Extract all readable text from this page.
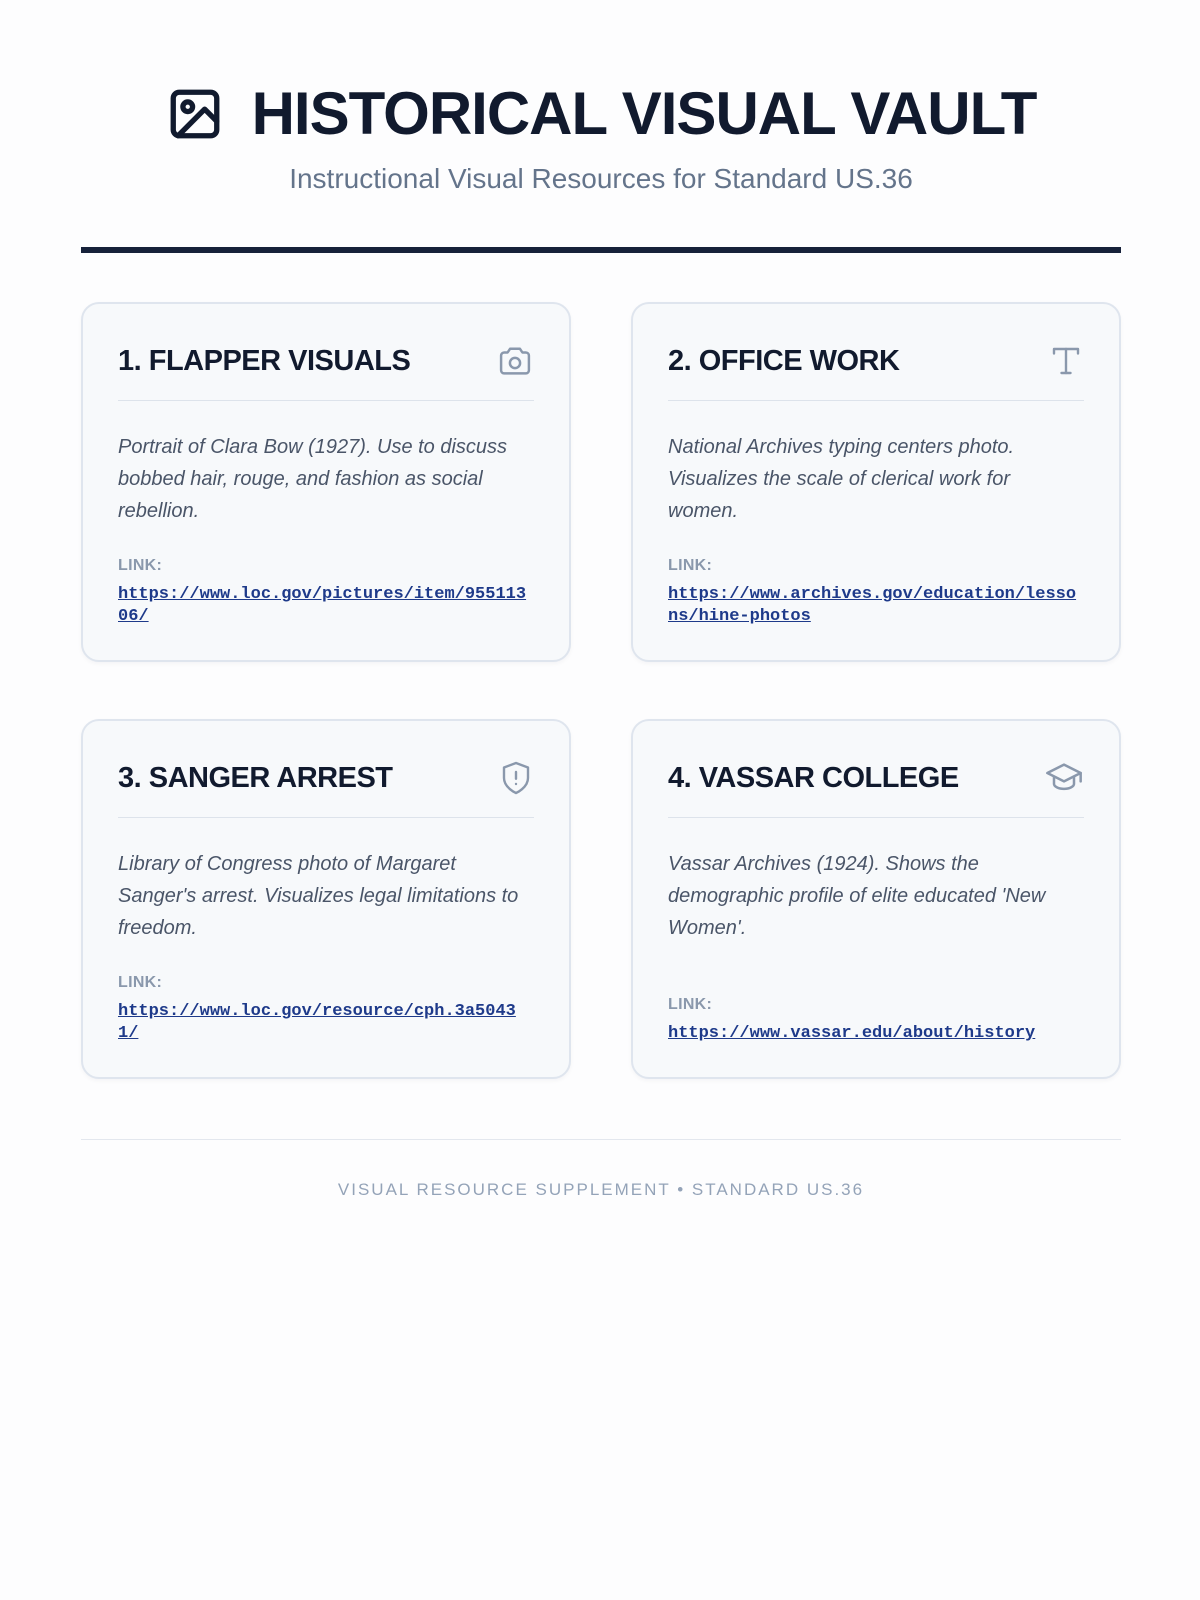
HISTORICAL VISUAL VAULT
Instructional Visual Resources for Standard US.36
1. FLAPPER VISUALS
Portrait of Clara Bow (1927). Use to discuss bobbed hair, rouge, and fashion as social rebellion.
LINK:
https://www.loc.gov/pictures/item/95511306/
2. OFFICE WORK
National Archives typing centers photo. Visualizes the scale of clerical work for women.
LINK:
https://www.archives.gov/education/lessons/hine-photos
3. SANGER ARREST
Library of Congress photo of Margaret Sanger's arrest. Visualizes legal limitations to freedom.
LINK:
https://www.loc.gov/resource/cph.3a50431/
4. VASSAR COLLEGE
Vassar Archives (1924). Shows the demographic profile of elite educated 'New Women'.
LINK:
https://www.vassar.edu/about/history
VISUAL RESOURCE SUPPLEMENT • STANDARD US.36
